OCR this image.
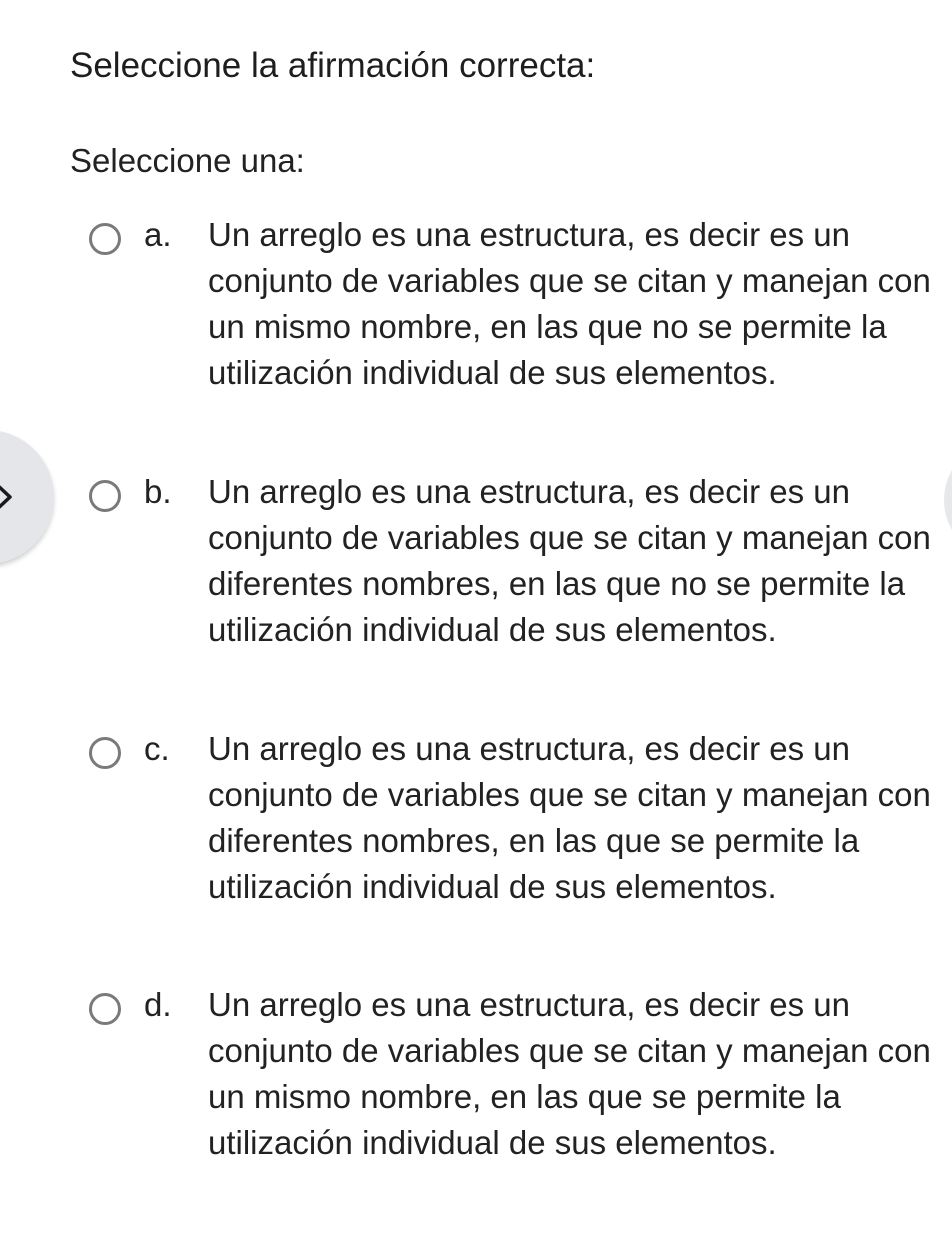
Seleccione la afirmación correcta:
Seleccione una:
a. Un arreglo es una estructura, es decir es un conjunto de variables que se citan y manejan con un mismo nombre, en las que no se permite la utilización individual de sus elementos.
b. Un arreglo es una estructura, es decir es un conjunto de variables que se citan y manejan con diferentes nombres, en las que no se permite la utilización individual de sus elementos.
c. Un arreglo es una estructura, es decir es un conjunto de variables que se citan y manejan con diferentes nombres, en las que se permite la utilización individual de sus elementos.
d. Un arreglo es una estructura, es decir es un conjunto de variables que se citan y manejan con un mismo nombre, en las que se permite la utilización individual de sus elementos.
